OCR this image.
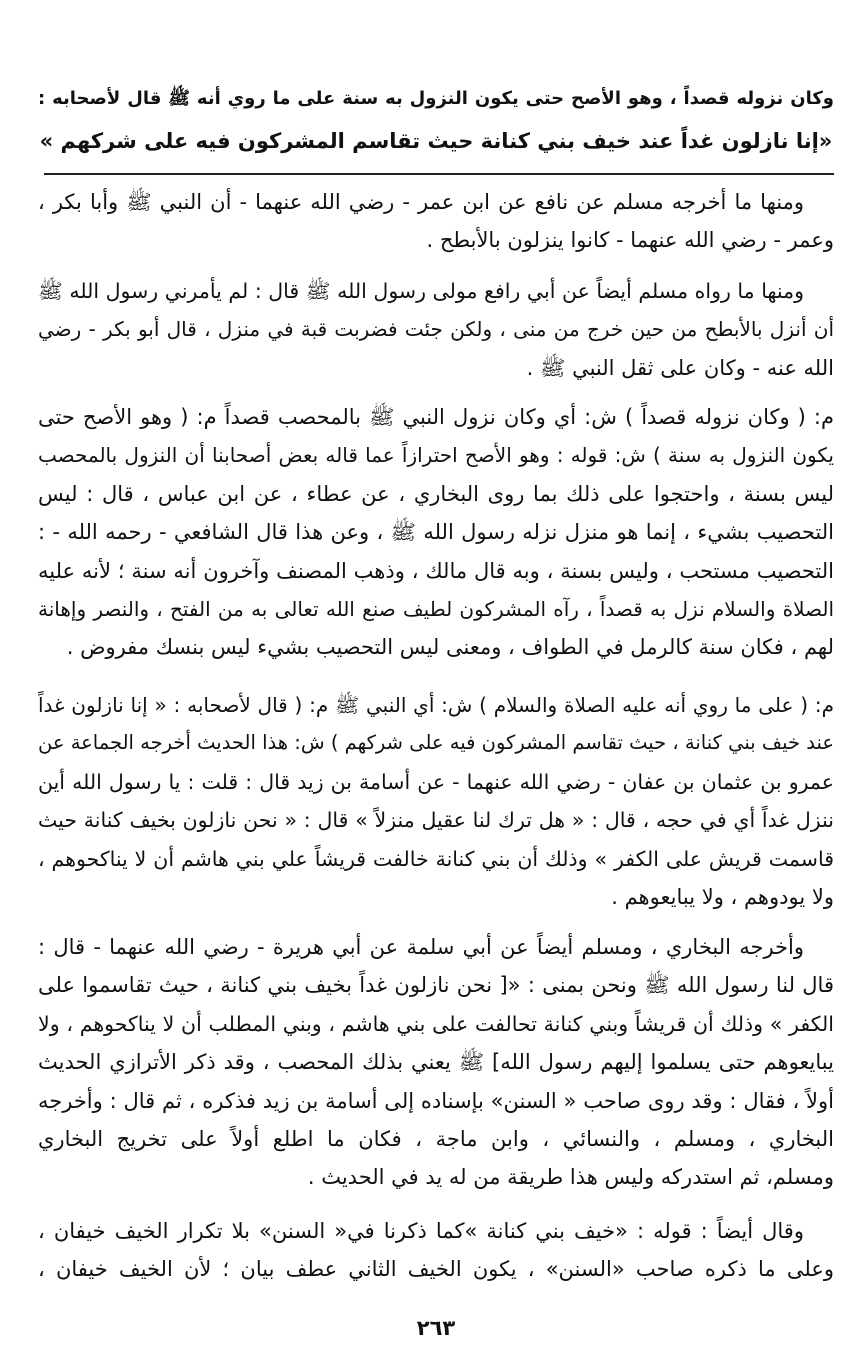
وكان نزوله قصداً ، وهو الأصح حتى يكون النزول به سنة على ما روي أنه ﷺ قال لأصحابه :
«إنا نازلون غداً عند خيف بني كنانة حيث تقاسم المشركون فيه على شركهم »
ومنها ما أخرجه مسلم عن نافع عن ابن عمر - رضي الله عنهما - أن النبي ﷺ وأبا بكر ،
وعمر - رضي الله عنهما - كانوا ينزلون بالأبطح .
ومنها ما رواه مسلم أيضاً عن أبي رافع مولى رسول الله ﷺ قال : لم يأمرني رسول الله ﷺ
أن أنزل بالأبطح من حين خرج من منى ، ولكن جئت فضربت قبة في منزل ، قال أبو بكر - رضي
الله عنه - وكان على ثقل النبي ﷺ .
م: ( وكان نزوله قصداً ) ش: أي وكان نزول النبي ﷺ بالمحصب قصداً م: ( وهو الأصح حتى
يكون النزول به سنة ) ش: قوله : وهو الأصح احترازاً عما قاله بعض أصحابنا أن النزول بالمحصب
ليس بسنة ، واحتجوا على ذلك بما روى البخاري ، عن عطاء ، عن ابن عباس ، قال : ليس
التحصيب بشيء ، إنما هو منزل نزله رسول الله ﷺ ، وعن هذا قال الشافعي - رحمه الله - :
التحصيب مستحب ، وليس بسنة ، وبه قال مالك ، وذهب المصنف وآخرون أنه سنة ؛ لأنه عليه
الصلاة والسلام نزل به قصداً ، رآه المشركون لطيف صنع الله تعالى به من الفتح ، والنصر وإهانة
لهم ، فكان سنة كالرمل في الطواف ، ومعنى ليس التحصيب بشيء ليس بنسك مفروض .
م: ( على ما روي أنه عليه الصلاة والسلام ) ش: أي النبي ﷺ م: ( قال لأصحابه : « إنا نازلون غداً
عند خيف بني كنانة ، حيث تقاسم المشركون فيه على شركهم ) ش: هذا الحديث أخرجه الجماعة عن
عمرو بن عثمان بن عفان - رضي الله عنهما - عن أسامة بن زيد قال : قلت : يا رسول الله أين
ننزل غداً أي في حجه ، قال : « هل ترك لنا عقيل منزلاً » قال : « نحن نازلون بخيف كنانة حيث
قاسمت قريش على الكفر » وذلك أن بني كنانة خالفت قريشاً علي بني هاشم أن لا يناكحوهم ،
ولا يودوهم ، ولا يبايعوهم .
وأخرجه البخاري ، ومسلم أيضاً عن أبي سلمة عن أبي هريرة - رضي الله عنهما - قال :
قال لنا رسول الله ﷺ ونحن بمنى : «[ نحن نازلون غداً بخيف بني كنانة ، حيث تقاسموا على
الكفر » وذلك أن قريشاً وبني كنانة تحالفت على بني هاشم ، وبني المطلب أن لا يناكحوهم ، ولا
يبايعوهم حتى يسلموا إليهم رسول الله] ﷺ يعني بذلك المحصب ، وقد ذكر الأترازي الحديث
أولاً ، فقال : وقد روى صاحب « السنن» بإسناده إلى أسامة بن زيد فذكره ، ثم قال : وأخرجه
البخاري ، ومسلم ، والنسائي ، وابن ماجة ، فكان ما اطلع أولاً على تخريج البخاري
ومسلم، ثم استدركه وليس هذا طريقة من له يد في الحديث .
وقال أيضاً : قوله : «خيف بني كنانة »كما ذكرنا في« السنن» بلا تكرار الخيف خيفان ،
وعلى ما ذكره صاحب «السنن» ، يكون الخيف الثاني عطف بيان ؛ لأن الخيف خيفان ،
٢٦٣
